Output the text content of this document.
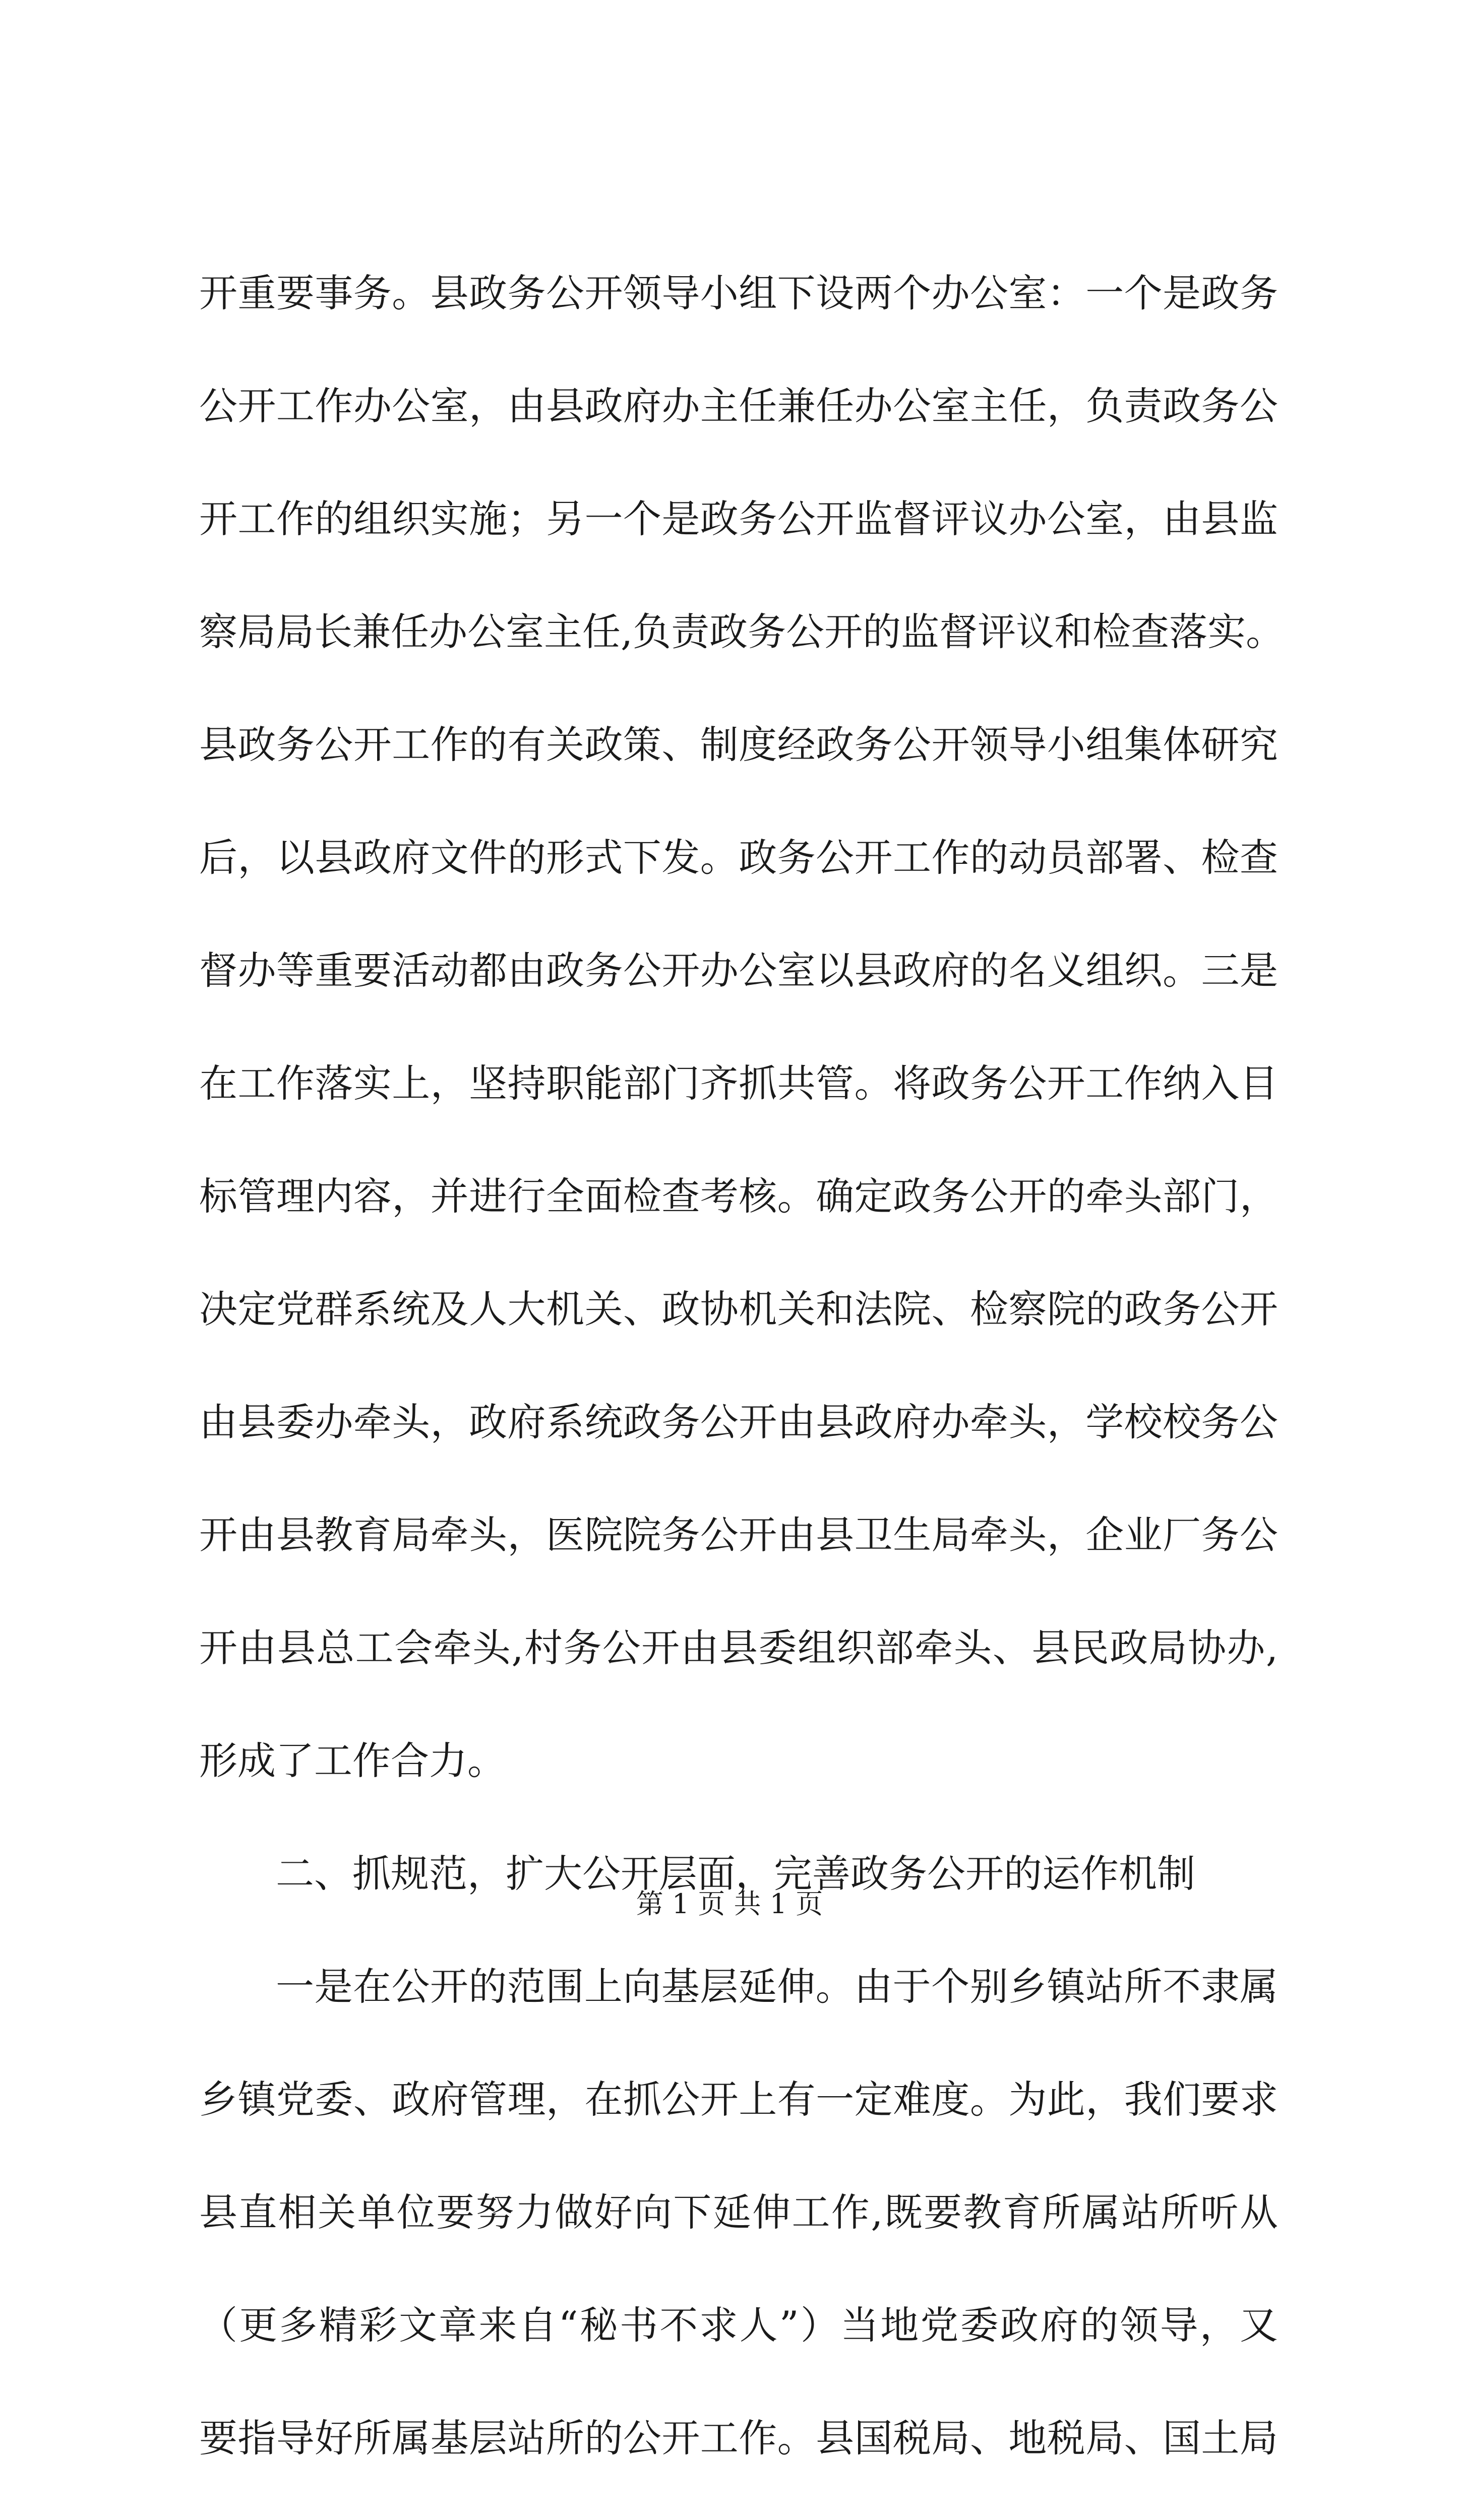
开重要事务。县政务公开领导小组下设两个办公室：一个是政务
公开工作办公室，由县政府办主任兼任办公室主任，负责政务公
开工作的组织实施；另一个是政务公开监督评议办公室，由县监
察局局长兼任办公室主任,负责政务公开的监督评议和检查落实。
县政务公开工作的有关政策、制度经政务公开领导小组集体研究
后，以县政府文件的形式下发。政务公开工作的动员部署、检查
督办等重要活动都由政务公开办公室以县政府的名义组织。三是
在工作落实上，坚持职能部门齐抓共管。将政务公开工作纳入目
标管理内容，并进行全面检查考核。确定政务公开的牵头部门，
决定党群系统及人大机关、政协机关和法院、检察院的政务公开
由县委办牵头，政府系统政务公开由县政府办牵头，学校校务公
开由县教育局牵头，医院院务公开由县卫生局牵头，企业厂务公
开由县总工会牵头,村务公开由县委组织部牵头、县民政局协办,
形成了工作合力。
二、抓规范，扩大公开层面，完善政务公开的运作机制
一是在公开的范围上向基层延伸。由于个别乡镇站所不隶属
乡镇党委、政府管理，在抓公开上有一定难度。为此，我们要求
县直相关单位要努力做好向下延伸工作,既要教育所属站所听从
（更多精彩文章来自“秘书不求人”）当地党委政府的领导，又
要指导好所属基层站所的公开工作。县国税局、地税局、国土局
第 1 页 共 1 页
